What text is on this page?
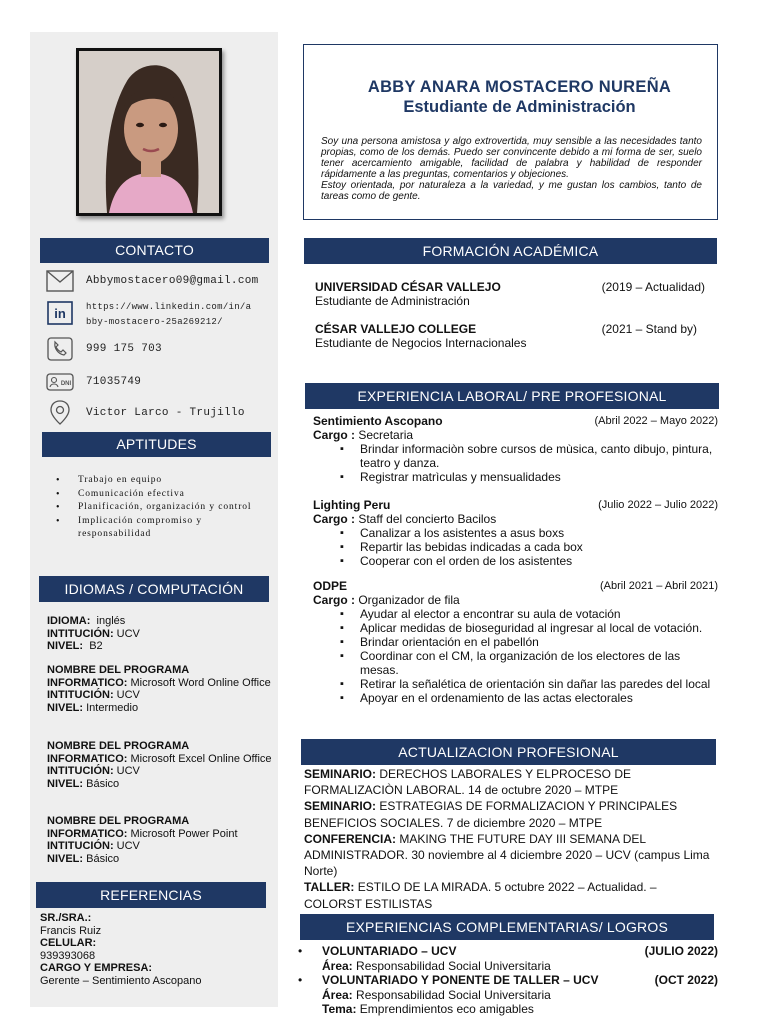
CONTACTO
Abbymostacero09@gmail.com
in https://www.linkedin.com/in/a
bby-mostacero-25a269212/
999 175 703
DNI 71035749
Victor Larco - Trujillo
APTITUDES
• Trabajo en equipo
• Comunicación efectiva
• Planificación, organización y control
• Implicación compromiso y responsabilidad
IDIOMAS / COMPUTACIÓN
IDIOMA: inglés
INTITUCIÓN: UCV
NIVEL: B2
NOMBRE DEL PROGRAMA
INFORMATICO: Microsoft Word Online Office
INTITUCIÓN: UCV
NIVEL: Intermedio
NOMBRE DEL PROGRAMA
INFORMATICO: Microsoft Excel Online Office
INTITUCIÓN: UCV
NIVEL: Básico
NOMBRE DEL PROGRAMA
INFORMATICO: Microsoft Power Point
INTITUCIÓN: UCV
NIVEL: Básico
REFERENCIAS
SR./SRA.:
Francis Ruiz
CELULAR:
939393068
CARGO Y EMPRESA:
Gerente – Sentimiento Ascopano
ABBY ANARA MOSTACERO NUREÑA
Estudiante de Administración
Soy una persona amistosa y algo extrovertida, muy sensible a las necesidades tanto propias, como de los demás. Puedo ser convincente debido a mi forma de ser, suelo tener acercamiento amigable, facilidad de palabra y habilidad de responder rápidamente a las preguntas, comentarios y objeciones.
Estoy orientada, por naturaleza a la variedad, y me gustan los cambios, tanto de tareas como de gente.
FORMACIÓN ACADÉMICA
UNIVERSIDAD CÉSAR VALLEJO	(2019 – Actualidad)
Estudiante de Administración
CÉSAR VALLEJO COLLEGE	(2021 – Stand by)
Estudiante de Negocios Internacionales
EXPERIENCIA LABORAL/ PRE PROFESIONAL
Sentimiento Ascopano	(Abril 2022 – Mayo 2022)
Cargo : Secretaria
▪ Brindar informaciòn sobre cursos de mùsica, canto dibujo, pintura, teatro y danza.
▪ Registrar matrìculas y mensualidades
Lighting Peru	(Julio 2022 – Julio 2022)
Cargo : Staff del concierto Bacilos
▪ Canalizar a los asistentes a asus boxs
▪ Repartir las bebidas indicadas a cada box
▪ Cooperar con el orden de los asistentes
ODPE	(Abril 2021 – Abril 2021)
Cargo : Organizador de fila
▪ Ayudar al elector a encontrar su aula de votación
▪ Aplicar medidas de bioseguridad al ingresar al local de votación.
▪ Brindar orientación en el pabellón
▪ Coordinar con el CM, la organización de los electores de las mesas.
▪ Retirar la señalética de orientación sin dañar las paredes del local
▪ Apoyar en el ordenamiento de las actas electorales
ACTUALIZACION PROFESIONAL

SEMINARIO: DERECHOS LABORALES Y ELPROCESO DE FORMALIZACIÒN LABORAL. 14 de octubre 2020 – MTPE

SEMINARIO: ESTRATEGIAS DE FORMALIZACION Y PRINCIPALES BENEFICIOS SOCIALES. 7 de diciembre 2020 – MTPE

CONFERENCIA: MAKING THE FUTURE DAY III SEMANA DEL ADMINISTRADOR. 30 noviembre al 4 diciembre 2020 – UCV (campus Lima Norte)

TALLER: ESTILO DE LA MIRADA. 5 octubre 2022 – Actualidad. – COLORST ESTILISTAS

EXPERIENCIAS COMPLEMENTARIAS/ LOGROS
• VOLUNTARIADO – UCV	(JULIO 2022)
Área: Responsabilidad Social Universitaria
• VOLUNTARIADO Y PONENTE DE TALLER – UCV	(OCT 2022)
Área: Responsabilidad Social Universitaria
Tema: Emprendimientos eco amigables
